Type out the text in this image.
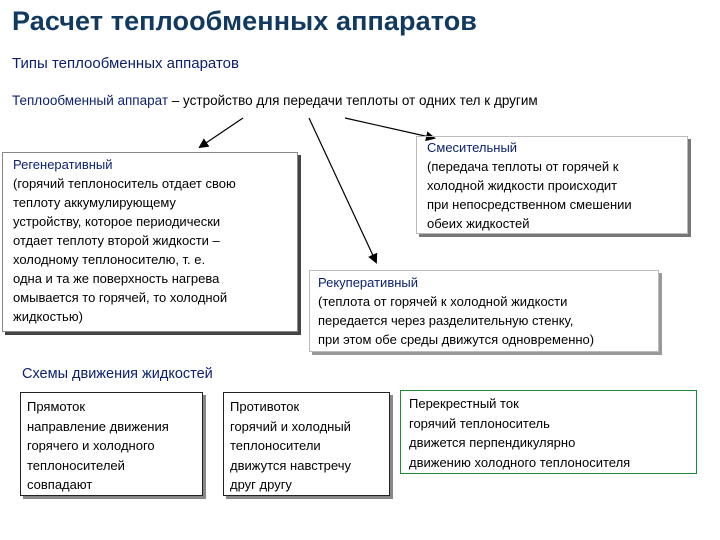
Расчет теплообменных аппаратов
Типы теплообменных аппаратов
Теплообменный аппарат – устройство для передачи теплоты от одних тел к другим
Регенеративный
(горячий теплоноситель отдает свою
теплоту аккумулирующему
устройству, которое периодически
отдает теплоту второй жидкости –
холодному теплоносителю, т. е.
одна и та же поверхность нагрева
омывается то горячей, то холодной
жидкостью)
Смесительный
(передача теплоты от горячей к
холодной жидкости происходит
при непосредственном смешении
обеих жидкостей
Рекуперативный
(теплота от горячей к холодной жидкости
передается через разделительную стенку,
при этом обе среды движутся одновременно)
Схемы движения жидкостей
Прямоток
направление движения
горячего и холодного
теплоносителей
совпадают
Противоток
горячий и холодный
теплоносители
движутся навстречу
друг другу
Перекрестный ток
горячий теплоноситель
движется перпендикулярно
движению холодного теплоносителя
